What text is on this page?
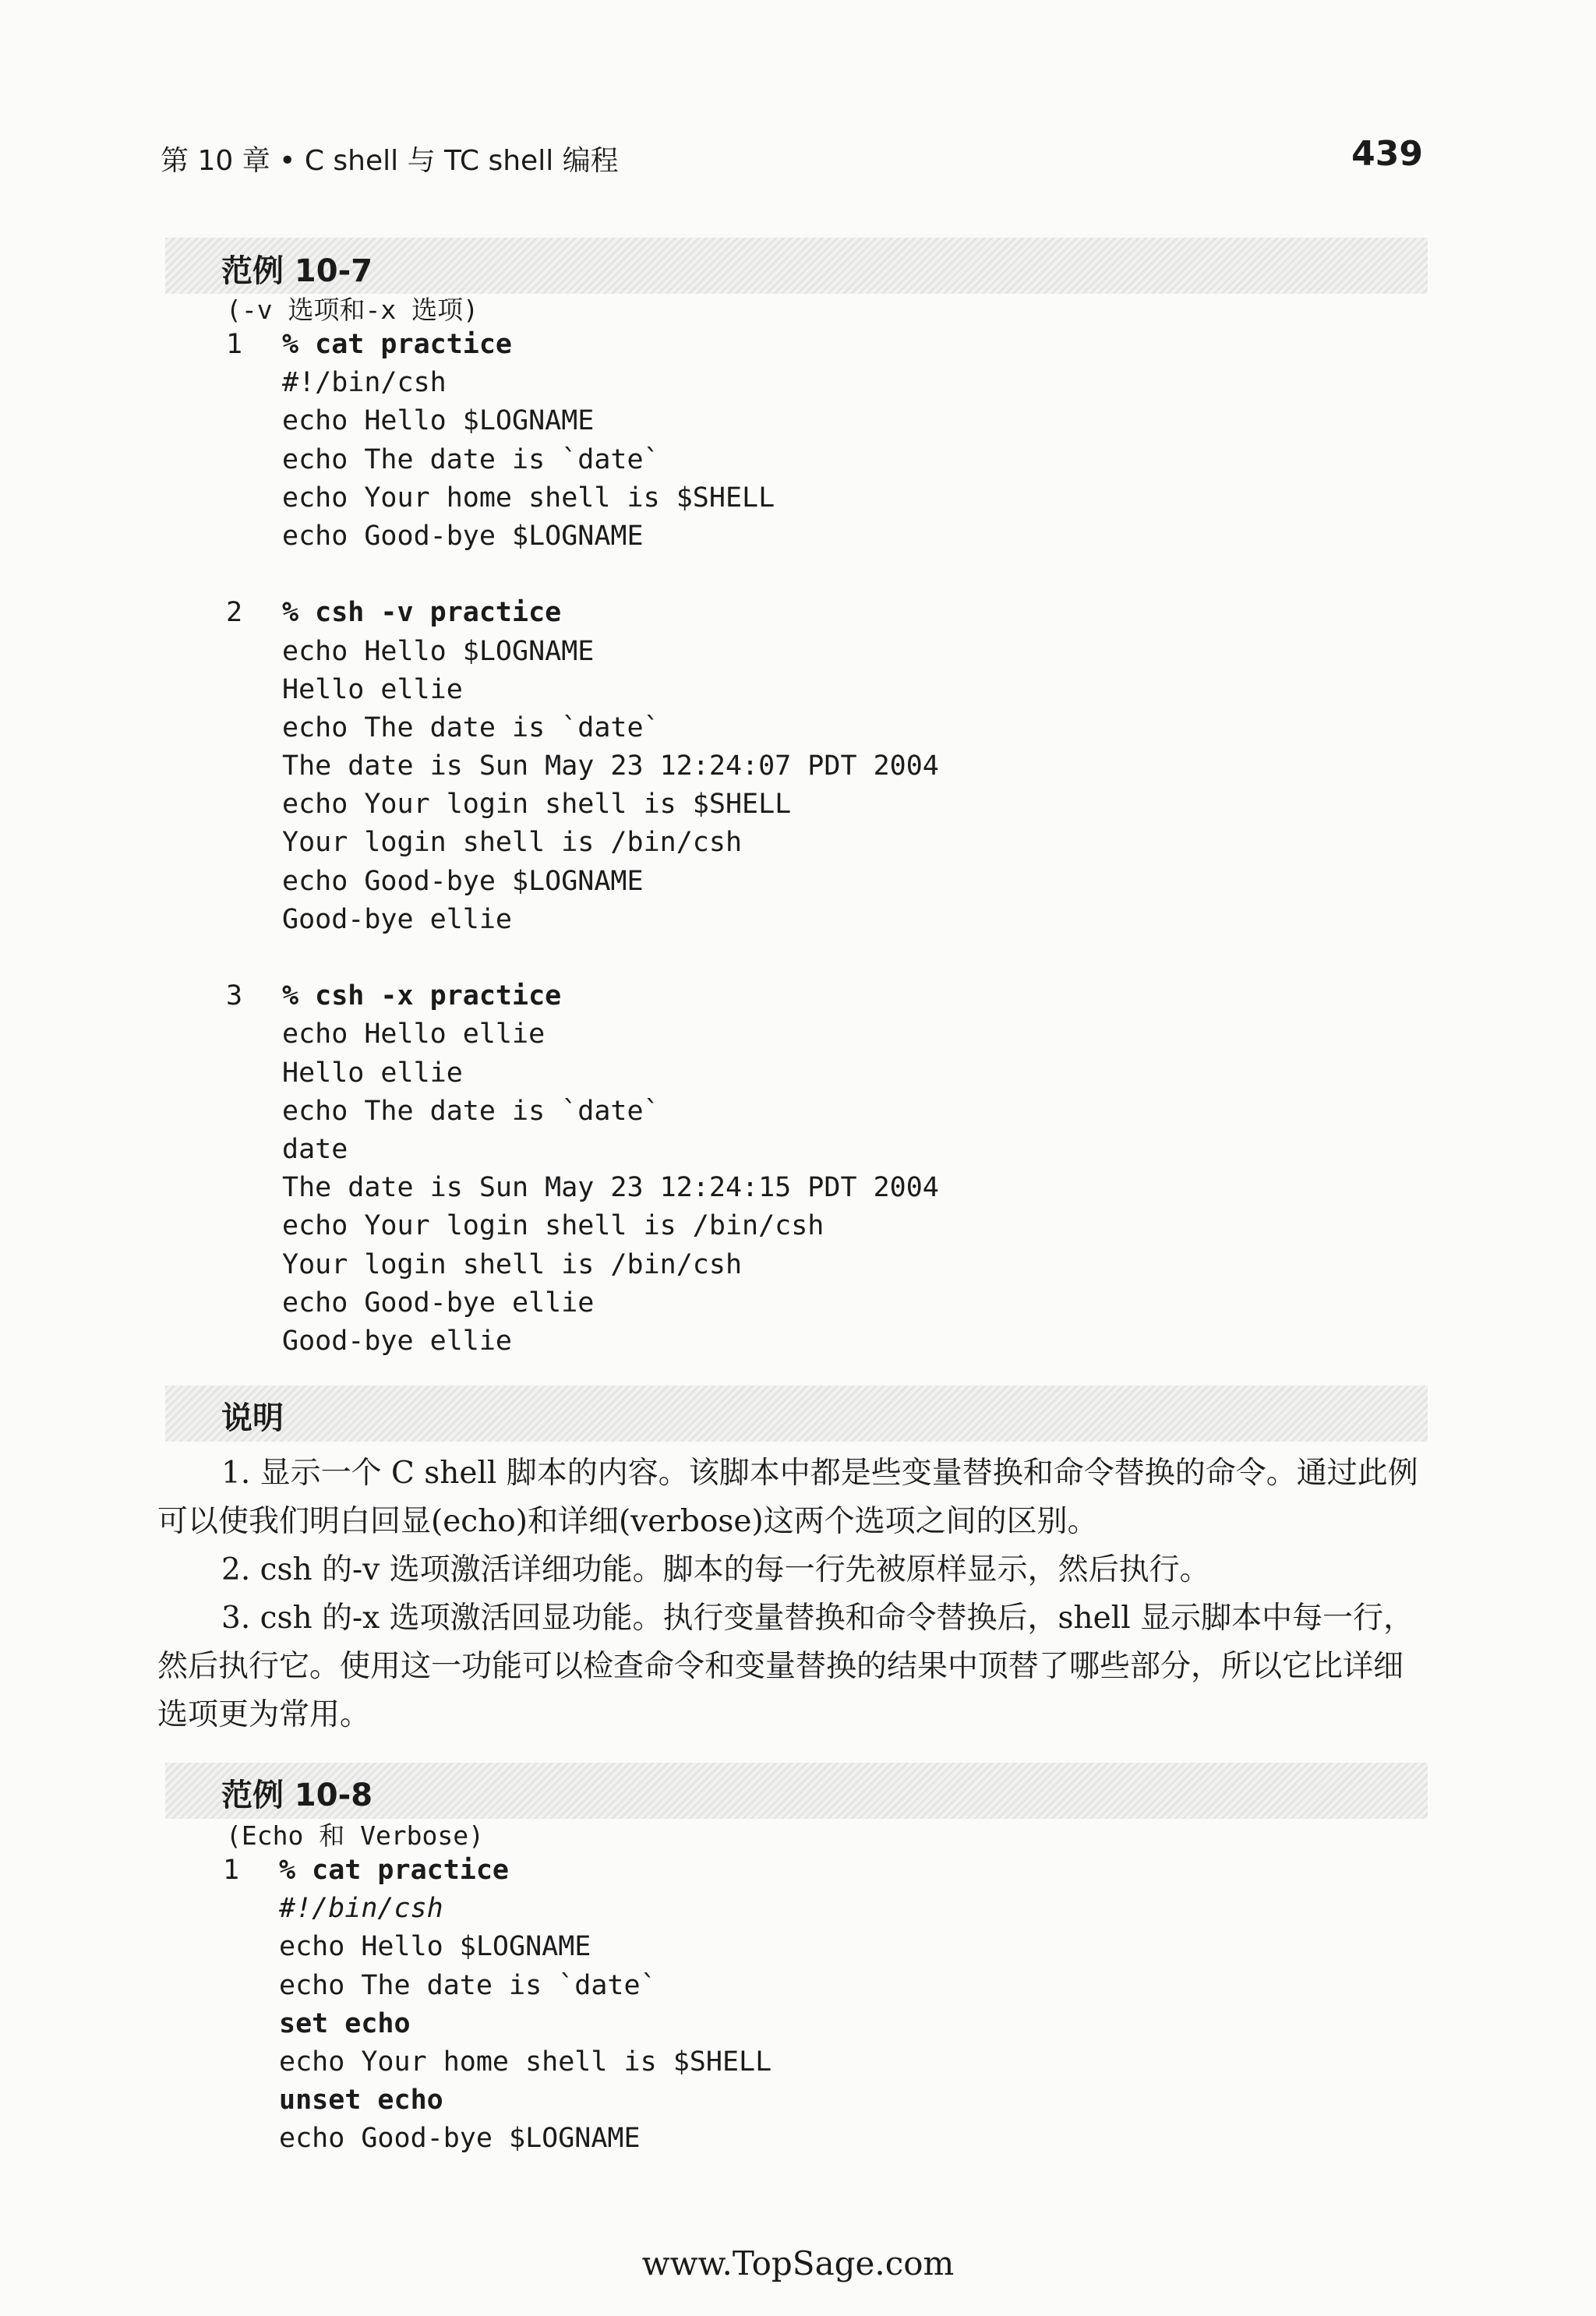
第 10 章 • C shell 与 TC shell 编程	439
范例 10-7
(-v 选项和-x 选项)
1	% cat practice
#!/bin/csh
echo Hello $LOGNAME
echo The date is `date`
echo Your home shell is $SHELL
echo Good-bye $LOGNAME
2	% csh -v practice
echo Hello $LOGNAME
Hello ellie
echo The date is `date`
The date is Sun May 23 12:24:07 PDT 2004
echo Your login shell is $SHELL
Your login shell is /bin/csh
echo Good-bye $LOGNAME
Good-bye ellie
3	% csh -x practice
echo Hello ellie
Hello ellie
echo The date is `date`
date
The date is Sun May 23 12:24:15 PDT 2004
echo Your login shell is /bin/csh
Your login shell is /bin/csh
echo Good-bye ellie
Good-bye ellie
说明

1. 显示一个 C shell 脚本的内容。该脚本中都是些变量替换和命令替换的命令。通过此例可以使我们明白回显(echo)和详细(verbose)这两个选项之间的区别。

2. csh 的-v 选项激活详细功能。脚本的每一行先被原样显示，然后执行。

3. csh 的-x 选项激活回显功能。执行变量替换和命令替换后，shell 显示脚本中每一行，然后执行它。使用这一功能可以检查命令和变量替换的结果中顶替了哪些部分，所以它比详细选项更为常用。

范例 10-8
(Echo 和 Verbose)
1	% cat practice
#!/bin/csh
echo Hello $LOGNAME
echo The date is `date`
set echo
echo Your home shell is $SHELL
unset echo
echo Good-bye $LOGNAME
www.TopSage.com
